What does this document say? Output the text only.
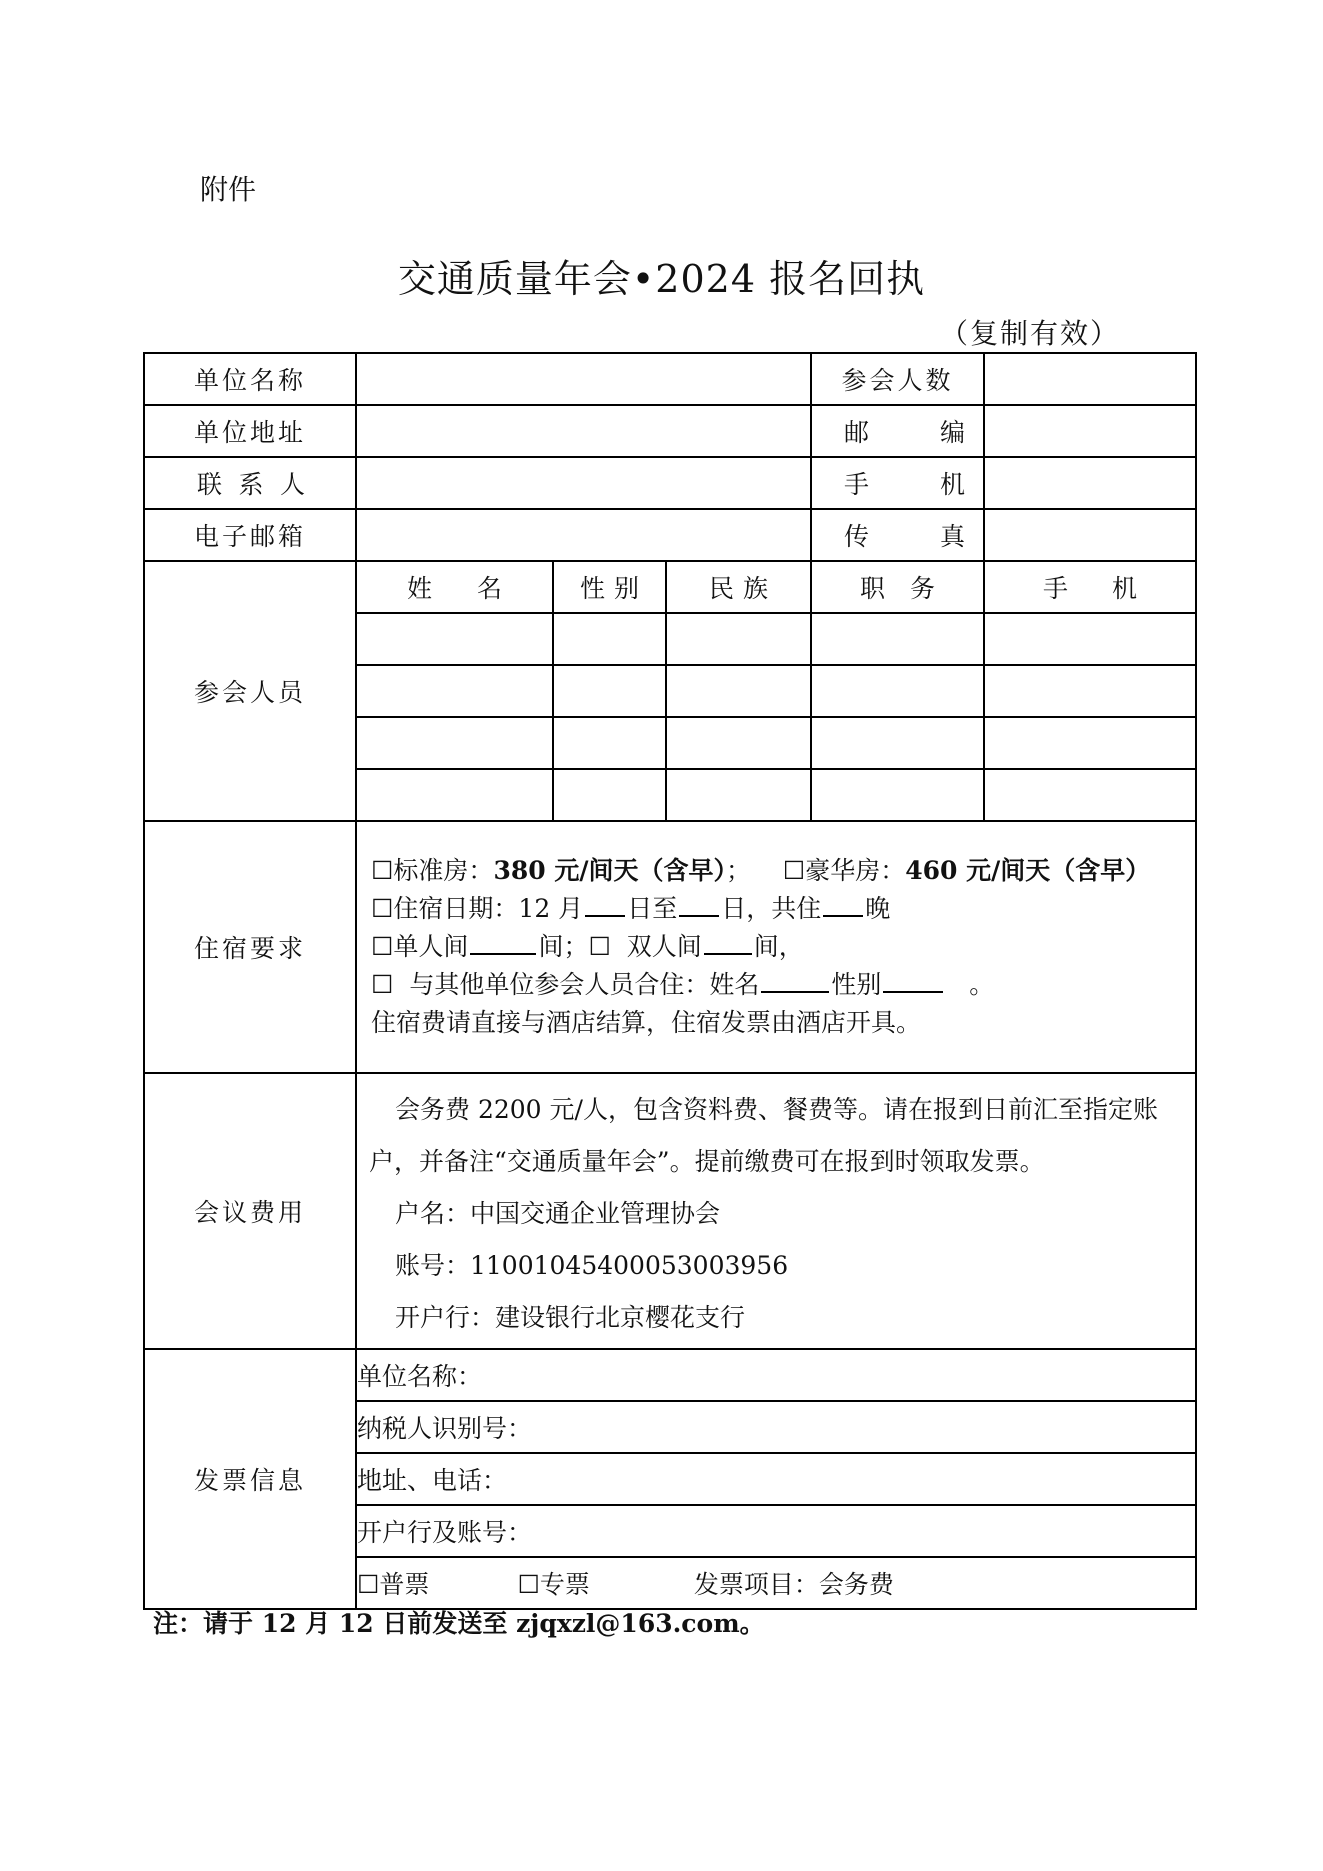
附件
交通质量年会•2024 报名回执
（复制有效）
单位名称				参会人数	
单位地址				邮 编	

联 系 人				手 机	

电子邮箱				传 真	

参会人员	姓 名	性 别	民 族	职 务	手 机

住宿要求	☐标准房：380 元/间天（含早）； ☐豪华房：460 元/间天（含早）
☐住宿日期：12 月 日至 日，共住 晚
☐单人间 间；☐ 双人间 间，
☐ 与其他单位参会人员合住：姓名 性别 。
住宿费请直接与酒店结算，住宿发票由酒店开具。				

会议费用	会务费 2200 元/人，包含资料费、餐费等。请在报到日前汇至指定账
户，并备注“交通质量年会”。提前缴费可在报到时领取发票。
户名：中国交通企业管理协会
账号：11001045400053003956
开户行：建设银行北京樱花支行				

发票信息	单位名称：				
	纳税人识别号：				
	地址、电话：				
	开户行及账号：				
	☐普票 ☐专票 发票项目：会务费				
注：请于 12 月 12 日前发送至 zjqxzl@163.com。
